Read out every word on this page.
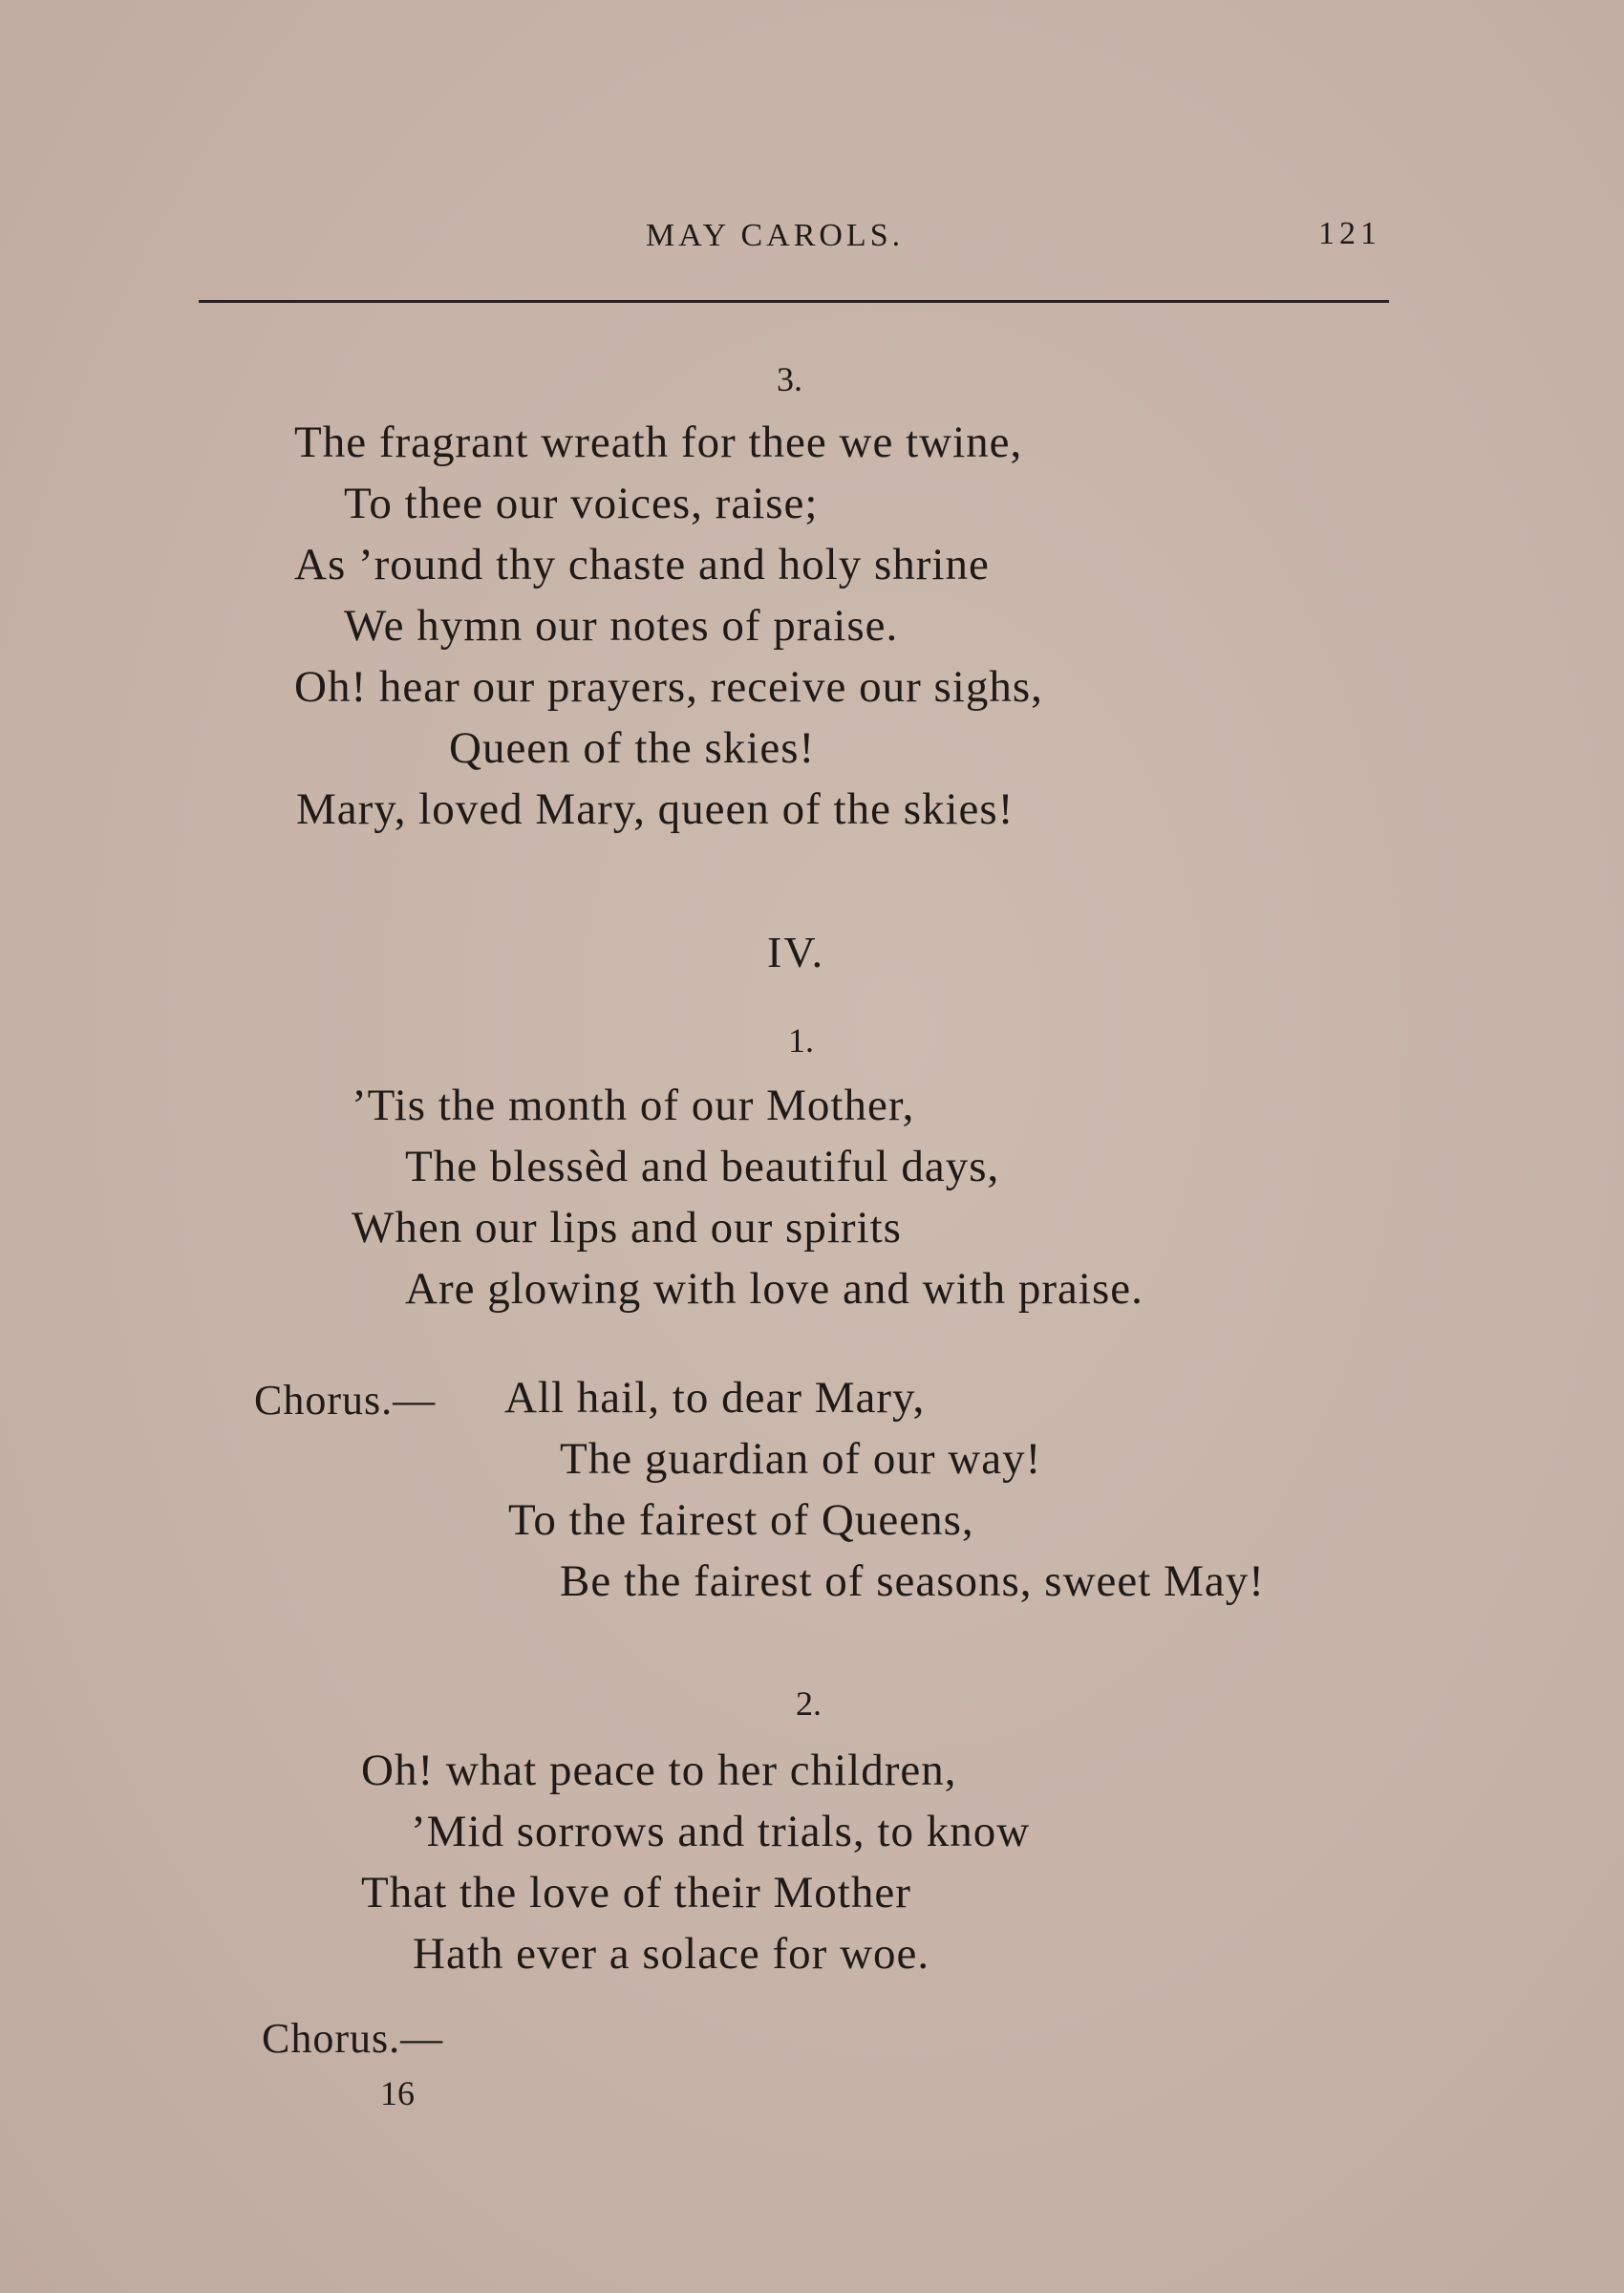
MAY CAROLS.	121
3.
The fragrant wreath for thee we twine,
To thee our voices, raise;
As ’round thy chaste and holy shrine
We hymn our notes of praise.
Oh! hear our prayers, receive our sighs,
Queen of the skies!
Mary, loved Mary, queen of the skies!
IV.
1.
’Tis the month of our Mother,
The blessèd and beautiful days,
When our lips and our spirits
Are glowing with love and with praise.
Chorus.— All hail, to dear Mary,
The guardian of our way!
To the fairest of Queens,
Be the fairest of seasons, sweet May!
2.
Oh! what peace to her children,
’Mid sorrows and trials, to know
That the love of their Mother
Hath ever a solace for woe.
Chorus.—
16
